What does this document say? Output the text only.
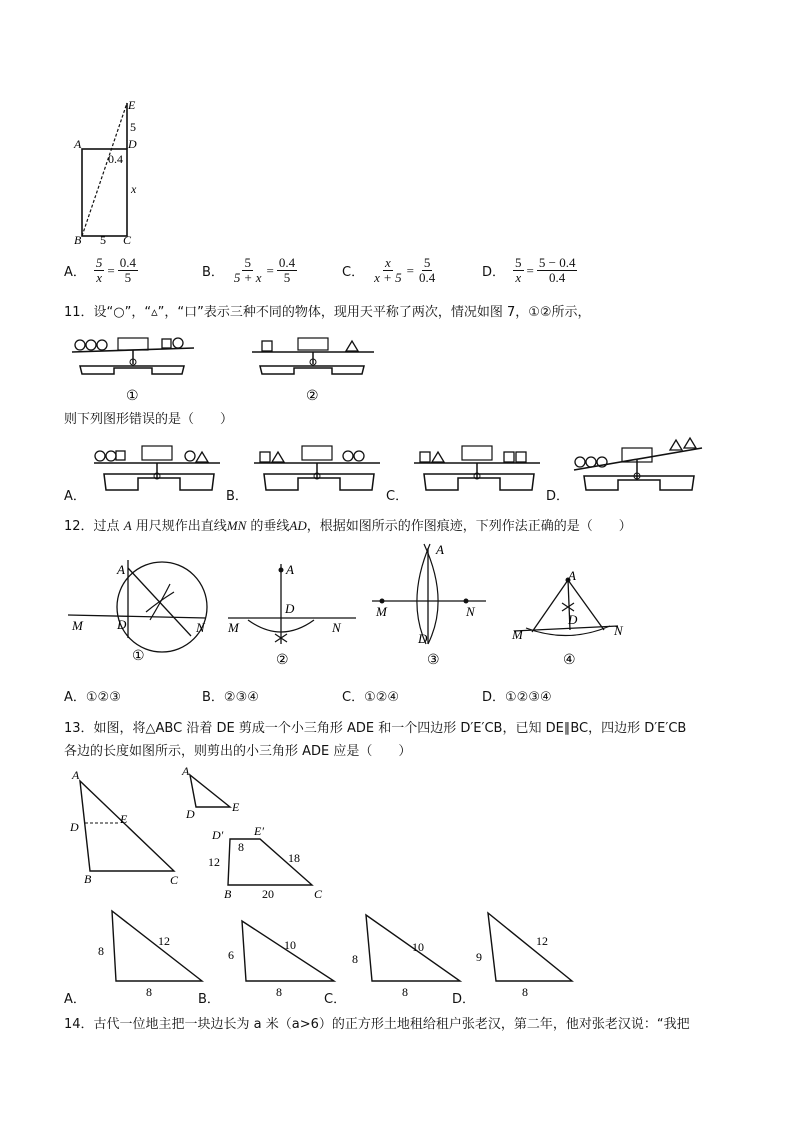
E
5
A	D
0.4
x
B 5 C
A． $\frac{5}{x} = \frac{0.4}{5}$	B． $\frac{5}{5 + x} = \frac{0.4}{5}$	C． $\frac{x}{x + 5} = \frac{5}{0.4}$	D． $\frac{5}{x} = \frac{5 - 0.4}{0.4}$
11．设“○”，“▵”，“口”表示三种不同的物体，现用天平称了两次，情况如图 7，①②所示，
①	②
则下列图形错误的是（　　）
A．	B．	C．	D．
12．过点 A 用尺规作出直线MN 的垂线AD，根据如图所示的作图痕迹，下列作法正确的是（　　）
A
D
M	N
①
A
D
M	N
②
A
D
M	N
③
A
D
M	N
④
A．①②③	B．②③④	C．①②④	D．①②③④
13．如图，将△ABC 沿着 DE 剪成一个小三角形 ADE 和一个四边形 D′E′CB，已知 DE∥BC，四边形 D′E′CB
各边的长度如图所示，则剪出的小三角形 ADE 应是（　　）
A
D
E
B	C
A
D	E
D′	E′
8
12	18
B	20	C
8
12
8
6
10
8
8
10
8
9
12
8
A．	B．	C．	D．
14．古代一位地主把一块边长为 a 米（a>6）的正方形土地租给租户张老汉，第二年，他对张老汉说：“我把
